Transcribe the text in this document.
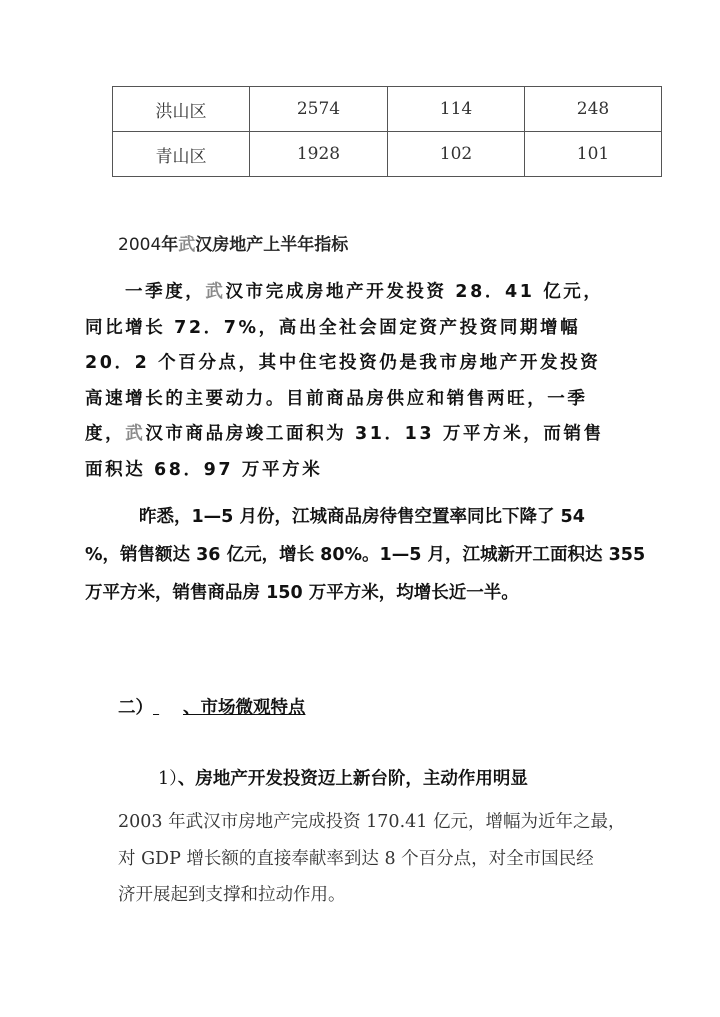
洪山区	2574	114	248
青山区	1928	102	101
2004年武汉房地产上半年指标
一季度，武汉市完成房地产开发投资 28．41 亿元，
同比增长 72．7%，高出全社会固定资产投资同期增幅
20．2 个百分点，其中住宅投资仍是我市房地产开发投资
高速增长的主要动力。目前商品房供应和销售两旺，一季
度，武汉市商品房竣工面积为 31．13 万平方米，而销售
面积达 68．97 万平方米
昨悉，1—5 月份，江城商品房待售空置率同比下降了 54
%，销售额达 36 亿元，增长 80%。1—5 月，江城新开工面积达 355
万平方米，销售商品房 150 万平方米，均增长近一半。
二） 、市场微观特点
1）、房地产开发投资迈上新台阶，主动作用明显
2003 年武汉市房地产完成投资 170.41 亿元，增幅为近年之最，
对 GDP 增长额的直接奉献率到达 8 个百分点，对全市国民经
济开展起到支撑和拉动作用。
